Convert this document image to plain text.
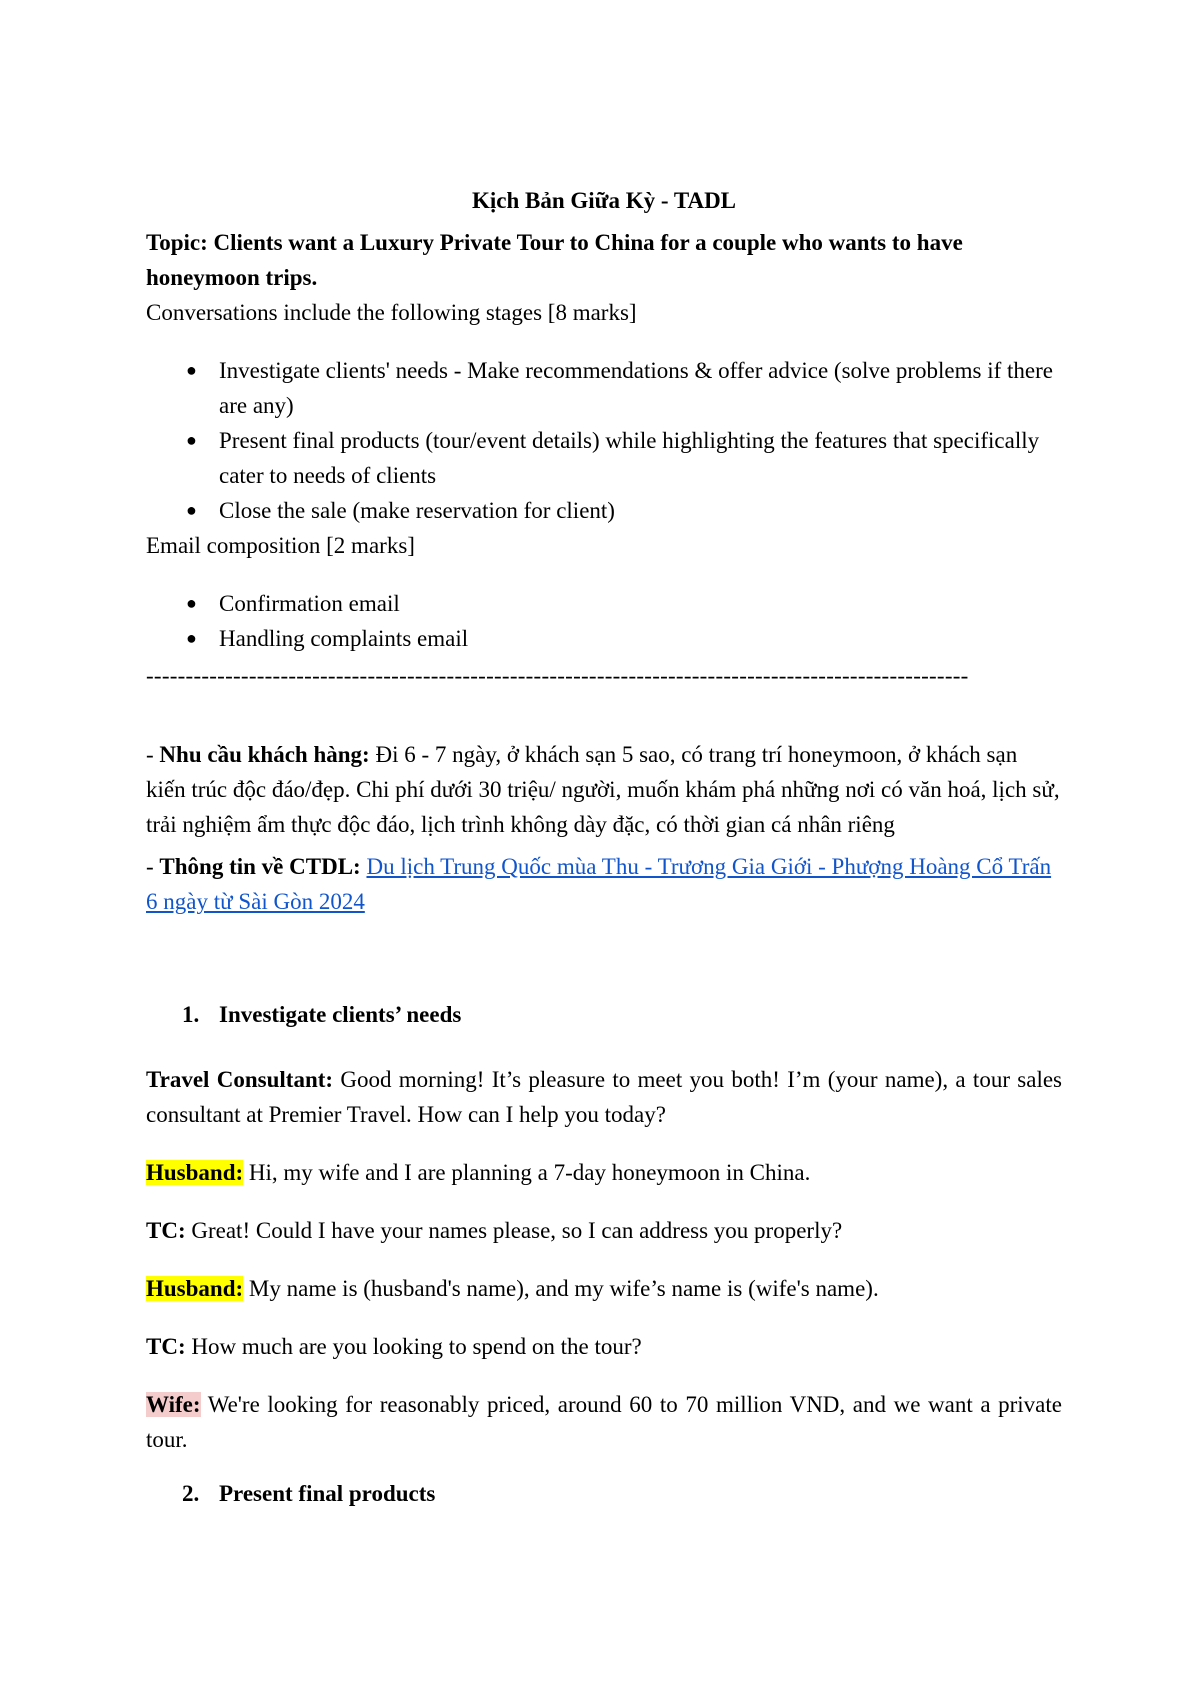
Kịch Bản Giữa Kỳ - TADL

Topic: Clients want a Luxury Private Tour to China for a couple who wants to have honeymoon trips.

Conversations include the following stages [8 marks]

● Investigate clients' needs - Make recommendations & offer advice (solve problems if there are any)
● Present final products (tour/event details) while highlighting the features that specifically cater to needs of clients
● Close the sale (make reservation for client)

Email composition [2 marks]

● Confirmation email
● Handling complaints email

--------------------------------------------------------------------------------------------------------

- Nhu cầu khách hàng: Đi 6 - 7 ngày, ở khách sạn 5 sao, có trang trí honeymoon, ở khách sạn kiến trúc độc đáo/đẹp. Chi phí dưới 30 triệu/ người, muốn khám phá những nơi có văn hoá, lịch sử, trải nghiệm ẩm thực độc đáo, lịch trình không dày đặc, có thời gian cá nhân riêng

- Thông tin về CTDL: Du lịch Trung Quốc mùa Thu - Trương Gia Giới - Phượng Hoàng Cổ Trấn 6 ngày từ Sài Gòn 2024

1. Investigate clients’ needs

Travel Consultant: Good morning! It’s pleasure to meet you both! I’m (your name), a tour sales consultant at Premier Travel. How can I help you today?

Husband: Hi, my wife and I are planning a 7-day honeymoon in China.

TC: Great! Could I have your names please, so I can address you properly?

Husband: My name is (husband's name), and my wife’s name is (wife's name).

TC: How much are you looking to spend on the tour?

Wife: We're looking for reasonably priced, around 60 to 70 million VND, and we want a private tour.

2. Present final products
